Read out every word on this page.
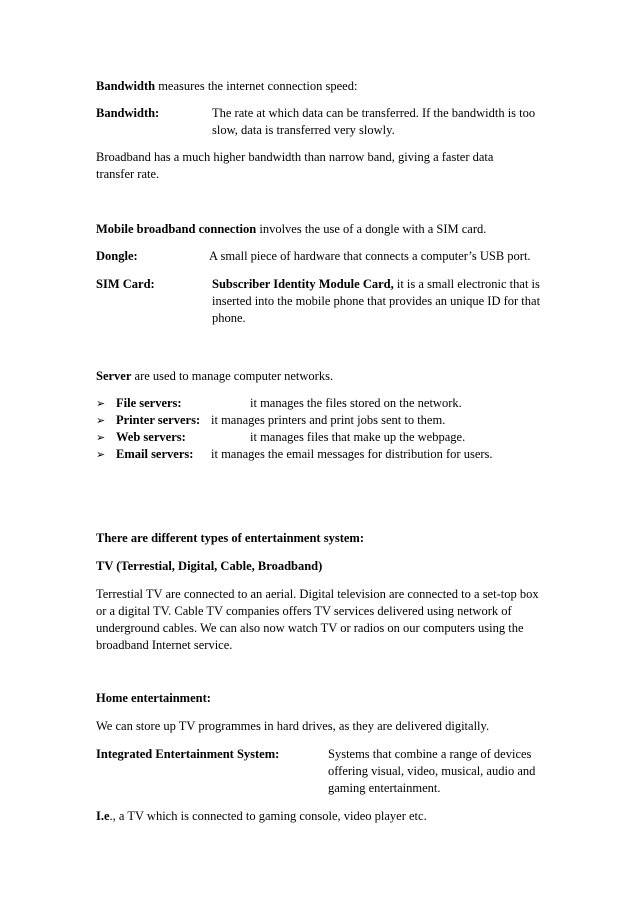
Bandwidth measures the internet connection speed:
Bandwidth:	The rate at which data can be transferred. If the bandwidth is too slow, data is transferred very slowly.
Broadband has a much higher bandwidth than narrow band, giving a faster data transfer rate.
Mobile broadband connection involves the use of a dongle with a SIM card.
Dongle:	A small piece of hardware that connects a computer’s USB port.
SIM Card:	Subscriber Identity Module Card, it is a small electronic that is inserted into the mobile phone that provides an unique ID for that phone.
Server are used to manage computer networks.
➢ File servers:	it manages the files stored on the network.
➢ Printer servers: it manages printers and print jobs sent to them.
➢ Web servers:	it manages files that make up the webpage.
➢ Email servers: it manages the email messages for distribution for users.
There are different types of entertainment system:
TV (Terrestial, Digital, Cable, Broadband)
Terrestial TV are connected to an aerial. Digital television are connected to a set-top box or a digital TV. Cable TV companies offers TV services delivered using network of underground cables. We can also now watch TV or radios on our computers using the broadband Internet service.
Home entertainment:
We can store up TV programmes in hard drives, as they are delivered digitally.
Integrated Entertainment System:	Systems that combine a range of devices offering visual, video, musical, audio and gaming entertainment.
I.e., a TV which is connected to gaming console, video player etc.
